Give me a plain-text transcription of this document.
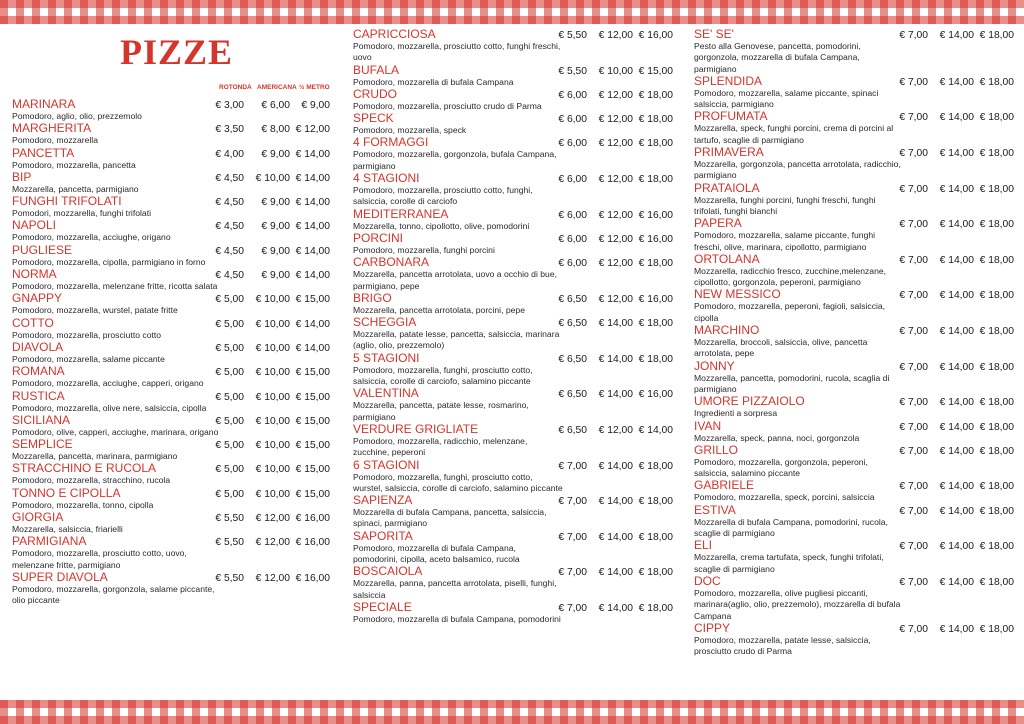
PIZZE
ROTONDA AMERICANA ½ METRO
MARINARA	€ 3,00	€ 6,00	€ 9,00
Pomodoro, aglio, olio, prezzemolo
MARGHERITA	€ 3,50	€ 8,00 € 12,00
Pomodoro, mozzarella
PANCETTA	€ 4,00	€ 9,00 € 14,00
Pomodoro, mozzarella, pancetta
BIP	€ 4,50	€ 10,00 € 14,00
Mozzarella, pancetta, parmigiano
FUNGHI TRIFOLATI	€ 4,50	€ 9,00 € 14,00
Pomodori, mozzarella, funghi trifolati
NAPOLI	€ 4,50	€ 9,00 € 14,00
Pomodoro, mozzarella, acciughe, origano
PUGLIESE	€ 4,50	€ 9,00 € 14,00
Pomodoro, mozzarella, cipolla, parmigiano in forno
NORMA	€ 4,50	€ 9,00 € 14,00
Pomodoro, mozzarella, melenzane fritte, ricotta salata
GNAPPY	€ 5,00	€ 10,00 € 15,00
Pomodoro, mozzarella, wurstel, patate fritte
COTTO	€ 5,00	€ 10,00 € 14,00
Pomodoro, mozzarella, prosciutto cotto
DIAVOLA	€ 5,00	€ 10,00 € 14,00
Pomodoro, mozzarella, salame piccante
ROMANA	€ 5,00	€ 10,00 € 15,00
Pomodoro, mozzarella, acciughe, capperi, origano
RUSTICA	€ 5,00	€ 10,00 € 15,00
Pomodoro, mozzarella, olive nere, salsiccia, cipolla
SICILIANA	€ 5,00	€ 10,00 € 15,00
Pomodoro, olive, capperi, acciughe, marinara, origano
SEMPLICE	€ 5,00	€ 10,00 € 15,00
Mozzarella, pancetta, marinara, parmigiano
STRACCHINO E RUCOLA	€ 5,00	€ 10,00 € 15,00
Pomodoro, mozzarella, stracchino, rucola
TONNO E CIPOLLA	€ 5,00	€ 10,00 € 15,00
Pomodoro, mozzarella, tonno, cipolla
GIORGIA	€ 5,50	€ 12,00 € 16,00
Mozzarella, salsiccia, friarielli
PARMIGIANA	€ 5,50	€ 12,00 € 16,00
Pomodoro, mozzarella, prosciutto cotto, uovo, melenzane fritte, parmigiano
SUPER DIAVOLA	€ 5,50	€ 12,00 € 16,00
Pomodoro, mozzarella, gorgonzola, salame piccante, olio piccante
CAPRICCIOSA	€ 5,50	€ 12,00 € 16,00
Pomodoro, mozzarella, prosciutto cotto, funghi freschi, uovo
BUFALA	€ 5,50	€ 10,00 € 15,00
Pomodoro, mozzarella di bufala Campana
CRUDO	€ 6,00	€ 12,00 € 18,00
Pomodoro, mozzarella, prosciutto crudo di Parma
SPECK	€ 6,00	€ 12,00 € 18,00
Pomodoro, mozzarella, speck
4 FORMAGGI	€ 6,00	€ 12,00 € 18,00
Pomodoro, mozzarella, gorgonzola, bufala Campana, parmigiano
4 STAGIONI	€ 6,00	€ 12,00 € 18,00
Pomodoro, mozzarella, prosciutto cotto, funghi, salsiccia, corolle di carciofo
MEDITERRANEA	€ 6,00	€ 12,00 € 16,00
Mozzarella, tonno, cipollotto, olive, pomodorini
PORCINI	€ 6,00	€ 12,00 € 16,00
Pomodoro, mozzarella, funghi porcini
CARBONARA	€ 6,00	€ 12,00 € 18,00
Mozzarella, pancetta arrotolata, uovo a occhio di bue, parmigiano, pepe
BRIGO	€ 6,50	€ 12,00 € 16,00
Mozzarella, pancetta arrotolata, porcini, pepe
SCHEGGIA	€ 6,50	€ 14,00 € 18,00
Mozzarella, patate lesse, pancetta, salsiccia, marinara (aglio, olio, prezzemolo)
5 STAGIONI	€ 6,50	€ 14,00 € 18,00
Pomodoro, mozzarella, funghi, prosciutto cotto, salsiccia, corolle di carciofo, salamino piccante
VALENTINA	€ 6,50	€ 14,00 € 16,00
Mozzarella, pancetta, patate lesse, rosmarino, parmigiano
VERDURE GRIGLIATE	€ 6,50	€ 12,00 € 14,00
Pomodoro, mozzarella, radicchio, melenzane, zucchine, peperoni
6 STAGIONI	€ 7,00	€ 14,00 € 18,00
Pomodoro, mozzarella, funghi, prosciutto cotto, wurstel, salsiccia, corolle di carciofo, salamino piccante
SAPIENZA	€ 7,00	€ 14,00 € 18,00
Mozzarella di bufala Campana, pancetta, salsiccia, spinaci, parmigiano
SAPORITA	€ 7,00	€ 14,00 € 18,00
Pomodoro, mozzarella di bufala Campana, pomodorini, cipolla, aceto balsamico, rucola
BOSCAIOLA	€ 7,00	€ 14,00 € 18,00
Mozzarella, panna, pancetta arrotolata, piselli, funghi, salsiccia
SPECIALE	€ 7,00	€ 14,00 € 18,00
Pomodoro, mozzarella di bufala Campana, pomodorini
SE' SE'	€ 7,00	€ 14,00 € 18,00
Pesto alla Genovese, pancetta, pomodorini, gorgonzola, mozzarella di bufala Campana, parmigiano
SPLENDIDA	€ 7,00	€ 14,00 € 18,00
Pomodoro, mozzarella, salame piccante, spinaci salsiccia, parmigiano
PROFUMATA	€ 7,00	€ 14,00 € 18,00
Mozzarella, speck, funghi porcini, crema di porcini al tartufo, scaglie di parmigiano
PRIMAVERA	€ 7,00	€ 14,00 € 18,00
Mozzarella, gorgonzola, pancetta arrotolata, radicchio, parmigiano
PRATAIOLA	€ 7,00	€ 14,00 € 18,00
Mozzarella, funghi porcini, funghi freschi, funghi trifolati, funghi bianchi
PAPERA	€ 7,00	€ 14,00 € 18,00
Pomodoro, mozzarella, salame piccante, funghi freschi, olive, marinara, cipollotto, parmigiano
ORTOLANA	€ 7,00	€ 14,00 € 18,00
Mozzarella, radicchio fresco, zucchine,melenzane, cipollotto, gorgonzola, peperoni, parmigiano
NEW MESSICO	€ 7,00	€ 14,00 € 18,00
Pomodoro, mozzarella, peperoni, fagioli, salsiccia, cipolla
MARCHINO	€ 7,00	€ 14,00 € 18,00
Mozzarella, broccoli, salsiccia, olive, pancetta arrotolata, pepe
JONNY	€ 7,00	€ 14,00 € 18,00
Mozzarella, pancetta, pomodorini, rucola, scaglia di parmigiano
UMORE PIZZAIOLO	€ 7,00	€ 14,00 € 18,00
Ingredienti a sorpresa
IVAN	€ 7,00	€ 14,00 € 18,00
Mozzarella, speck, panna, noci, gorgonzola
GRILLO	€ 7,00	€ 14,00 € 18,00
Pomodoro, mozzarella, gorgonzola, peperoni, salsiccia, salamino piccante
GABRIELE	€ 7,00	€ 14,00 € 18,00
Pomodoro, mozzarella, speck, porcini, salsiccia
ESTIVA	€ 7,00	€ 14,00 € 18,00
Mozzarella di bufala Campana, pomodorini, rucola, scaglie di parmigiano
ELI	€ 7,00	€ 14,00 € 18,00
Mozzarella, crema tartufata, speck, funghi trifolati, scaglie di parmigiano
DOC	€ 7,00	€ 14,00 € 18,00
Pomodoro, mozzarella, olive pugliesi piccanti, marinara(aglio, olio, prezzemolo), mozzarella di bufala Campana
CIPPY	€ 7,00	€ 14,00 € 18,00
Pomodoro, mozzarella, patate lesse, salsiccia, prosciutto crudo di Parma
